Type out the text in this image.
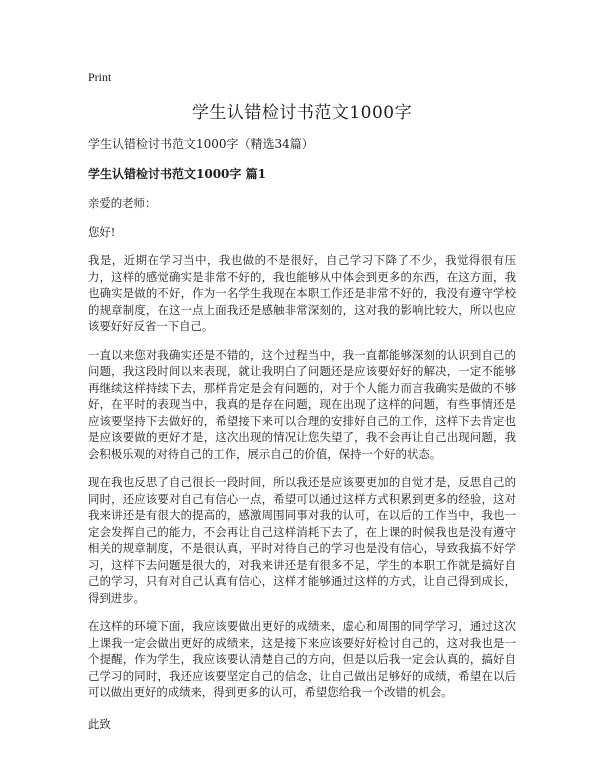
Print
学生认错检讨书范文1000字
学生认错检讨书范文1000字（精选34篇）
学生认错检讨书范文1000字 篇1

亲爱的老师：

您好!

我是，近期在学习当中，我也做的不是很好，自己学习下降了不少，我觉得很有压力，这样的感觉确实是非常不好的，我也能够从中体会到更多的东西，在这方面，我也确实是做的不好，作为一名学生我现在本职工作还是非常不好的，我没有遵守学校的规章制度，在这一点上面我还是感触非常深刻的，这对我的影响比较大，所以也应该要好好反省一下自己。

一直以来您对我确实还是不错的，这个过程当中，我一直都能够深刻的认识到自己的问题，我这段时间以来表现，就让我明白了问题还是应该要好好的解决，一定不能够再继续这样持续下去，那样肯定是会有问题的，对于个人能力而言我确实是做的不够好，在平时的表现当中，我真的是存在问题，现在出现了这样的问题，有些事情还是应该要坚持下去做好的，希望接下来可以合理的安排好自己的工作，这样下去肯定也是应该要做的更好才是，这次出现的情况让您失望了，我不会再让自己出现问题，我会积极乐观的对待自己的工作，展示自己的价值，保持一个好的状态。

现在我也反思了自己很长一段时间，所以我还是应该要更加的自觉才是，反思自己的同时，还应该要对自己有信心一点，希望可以通过这样方式积累到更多的经验，这对我来讲还是有很大的提高的，感激周围同事对我的认可，在以后的工作当中，我也一定会发挥自己的能力，不会再让自己这样消耗下去了，在上课的时候我也是没有遵守相关的规章制度，不是很认真，平时对待自己的学习也是没有信心，导致我搞不好学习，这样下去问题是很大的，对我来讲还是有很多不足，学生的本职工作就是搞好自己的学习，只有对自己认真有信心，这样才能够通过这样的方式，让自己得到成长，得到进步。

在这样的环境下面，我应该要做出更好的成绩来，虚心和周围的同学学习，通过这次上课我一定会做出更好的成绩来，这是接下来应该要好好检讨自己的，这对我也是一个提醒，作为学生，我应该要认清楚自己的方向，但是以后我一定会认真的，搞好自己学习的同时，我还应该要坚定自己的信念，让自己做出足够好的成绩，希望在以后可以做出更好的成绩来，得到更多的认可，希望您给我一个改错的机会。

此致
